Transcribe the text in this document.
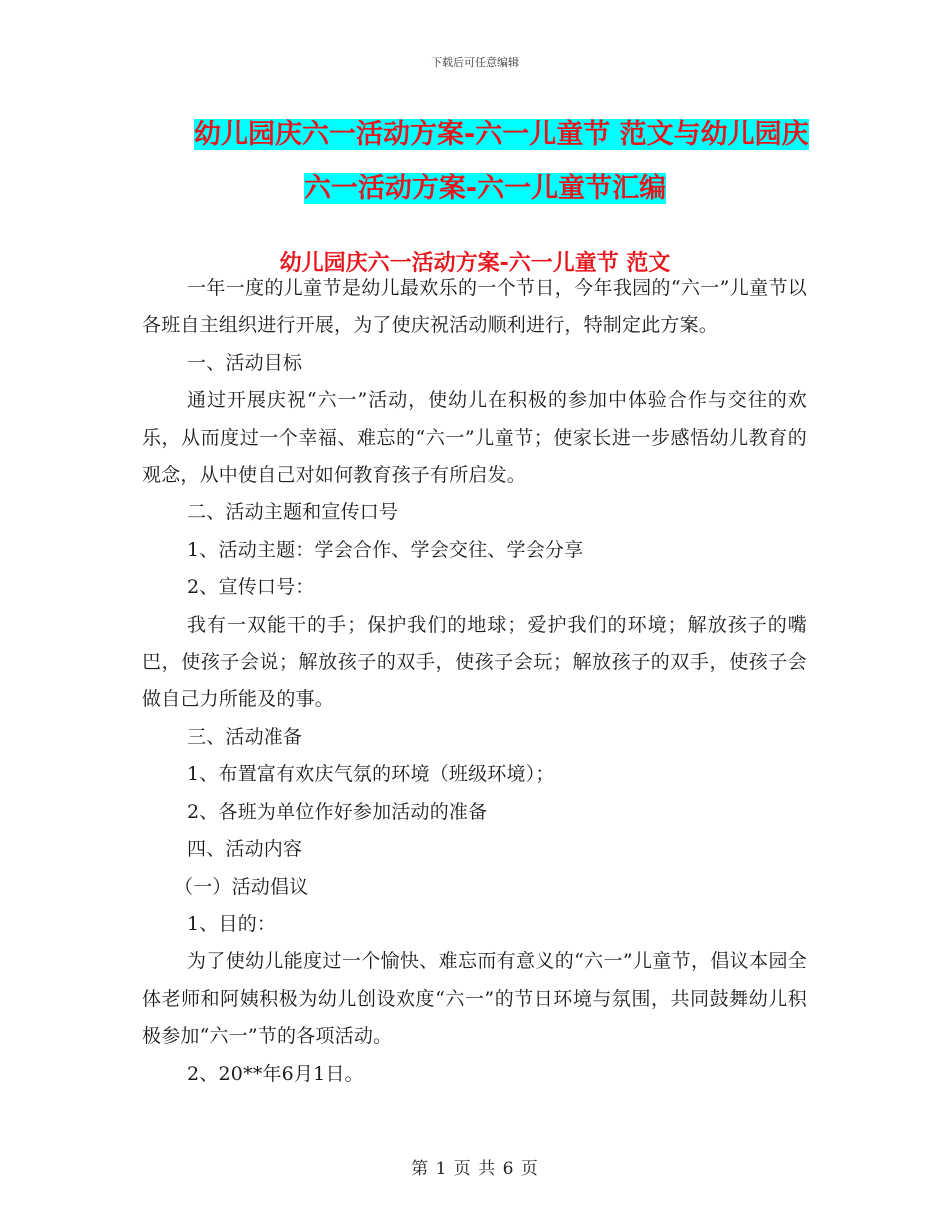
下载后可任意编辑
幼儿园庆六一活动方案-六一儿童节 范文与幼儿园庆
六一活动方案-六一儿童节汇编
幼儿园庆六一活动方案-六一儿童节 范文

一年一度的儿童节是幼儿最欢乐的一个节日，今年我园的“六一”儿童节以各班自主组织进行开展，为了使庆祝活动顺利进行，特制定此方案。

一、活动目标

通过开展庆祝“六一”活动，使幼儿在积极的参加中体验合作与交往的欢乐，从而度过一个幸福、难忘的“六一”儿童节；使家长进一步感悟幼儿教育的观念，从中使自己对如何教育孩子有所启发。

二、活动主题和宣传口号

1、活动主题：学会合作、学会交往、学会分享

2、宣传口号：

我有一双能干的手；保护我们的地球；爱护我们的环境；解放孩子的嘴巴，使孩子会说；解放孩子的双手，使孩子会玩；解放孩子的双手，使孩子会做自己力所能及的事。

三、活动准备

1、布置富有欢庆气氛的环境（班级环境）；

2、各班为单位作好参加活动的准备

四、活动内容

（一）活动倡议

1、目的：

为了使幼儿能度过一个愉快、难忘而有意义的“六一”儿童节，倡议本园全体老师和阿姨积极为幼儿创设欢度“六一”的节日环境与氛围，共同鼓舞幼儿积极参加“六一”节的各项活动。

2、20**年6月1日。

第 1 页 共 6 页
